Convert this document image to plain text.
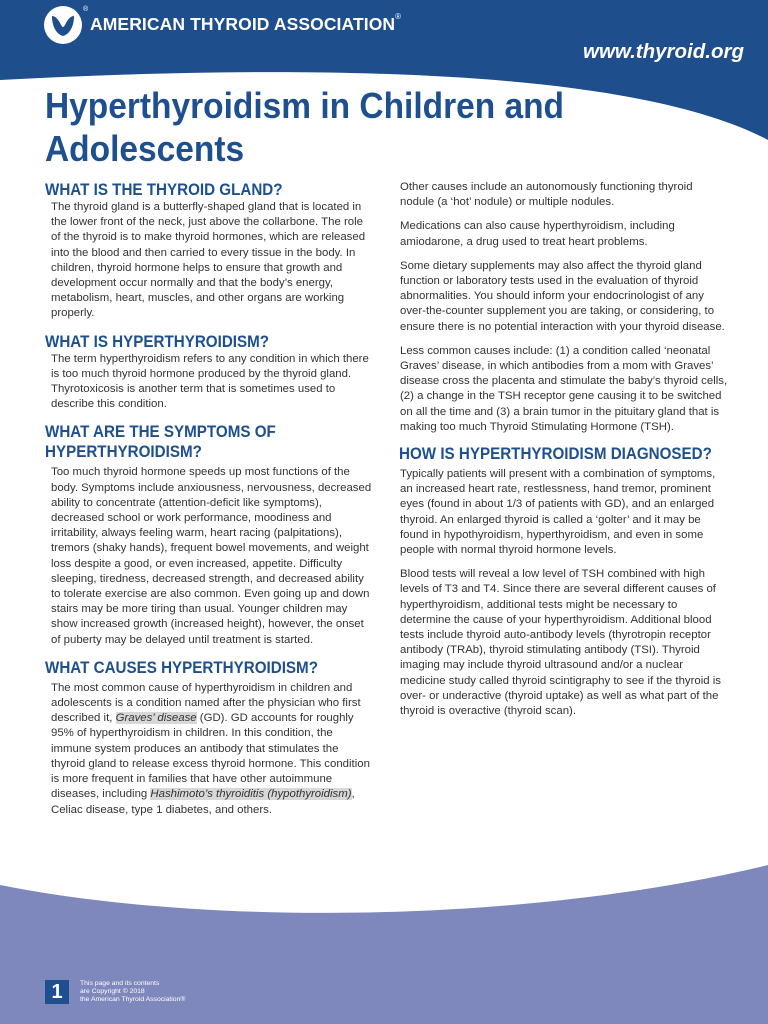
®
AMERICAN THYROID ASSOCIATION®
www.thyroid.org
Hyperthyroidism in Children and Adolescents
WHAT IS THE THYROID GLAND?

The thyroid gland is a butterfly-shaped gland that is located in the lower front of the neck, just above the collarbone. The role of the thyroid is to make thyroid hormones, which are released into the blood and then carried to every tissue in the body. In children, thyroid hormone helps to ensure that growth and development occur normally and that the body’s energy, metabolism, heart, muscles, and other organs are working properly.

WHAT IS HYPERTHYROIDISM?

The term hyperthyroidism refers to any condition in which there is too much thyroid hormone produced by the thyroid gland. Thyrotoxicosis is another term that is sometimes used to describe this condition.

WHAT ARE THE SYMPTOMS OF
HYPERTHYROIDISM?

Too much thyroid hormone speeds up most functions of the body. Symptoms include anxiousness, nervousness, decreased ability to concentrate (attention-deficit like symptoms), decreased school or work performance, moodiness and irritability, always feeling warm, heart racing (palpitations), tremors (shaky hands), frequent bowel movements, and weight loss despite a good, or even increased, appetite. Difficulty sleeping, tiredness, decreased strength, and decreased ability to tolerate exercise are also common. Even going up and down stairs may be more tiring than usual. Younger children may show increased growth (increased height), however, the onset of puberty may be delayed until treatment is started.

WHAT CAUSES HYPERTHYROIDISM?

The most common cause of hyperthyroidism in children and adolescents is a condition named after the physician who first described it, Graves’ disease (GD). GD accounts for roughly 95% of hyperthyroidism in children. In this condition, the immune system produces an antibody that stimulates the thyroid gland to release excess thyroid hormone. This condition is more frequent in families that have other autoimmune diseases, including Hashimoto’s thyroiditis (hypothyroidism), Celiac disease, type 1 diabetes, and others.

Other causes include an autonomously functioning thyroid nodule (a ‘hot’ nodule) or multiple nodules.

Medications can also cause hyperthyroidism, including amiodarone, a drug used to treat heart problems.

Some dietary supplements may also affect the thyroid gland function or laboratory tests used in the evaluation of thyroid abnormalities. You should inform your endocrinologist of any over-the-counter supplement you are taking, or considering, to ensure there is no potential interaction with your thyroid disease.

Less common causes include: (1) a condition called ‘neonatal Graves’ disease, in which antibodies from a mom with Graves’ disease cross the placenta and stimulate the baby’s thyroid cells, (2) a change in the TSH receptor gene causing it to be switched on all the time and (3) a brain tumor in the pituitary gland that is making too much Thyroid Stimulating Hormone (TSH).

HOW IS HYPERTHYROIDISM DIAGNOSED?

Typically patients will present with a combination of symptoms, an increased heart rate, restlessness, hand tremor, prominent eyes (found in about 1/3 of patients with GD), and an enlarged thyroid. An enlarged thyroid is called a ‘golter’ and it may be found in hypothyroidism, hyperthyroidism, and even in some people with normal thyroid hormone levels.

Blood tests will reveal a low level of TSH combined with high levels of T3 and T4. Since there are several different causes of hyperthyroidism, additional tests might be necessary to determine the cause of your hyperthyroidism. Additional blood tests include thyroid auto-antibody levels (thyrotropin receptor antibody (TRAb), thyroid stimulating antibody (TSI). Thyroid imaging may include thyroid ultrasound and/or a nuclear medicine study called thyroid scintigraphy to see if the thyroid is over- or underactive (thyroid uptake) as well as what part of the thyroid is overactive (thyroid scan).

1	This page and its contents
are Copyright © 2018
the American Thyroid Association®
